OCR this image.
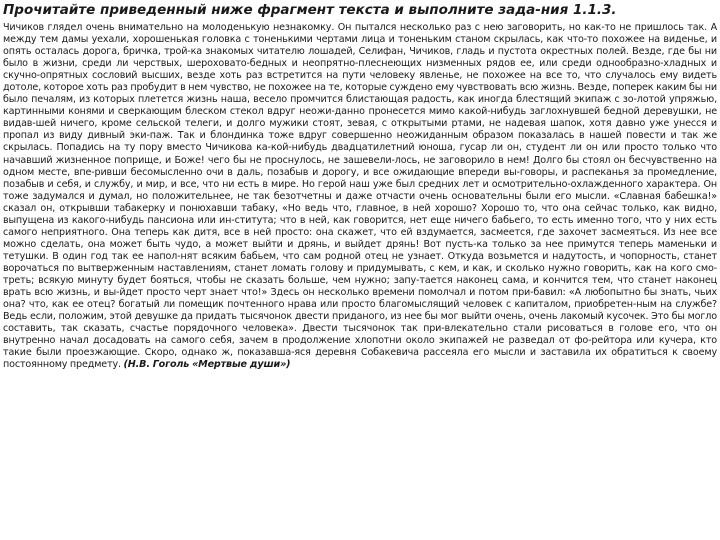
Прочитайте приведенный ниже фрагмент текста и выполните зада-ния 1.1.3.

Чичиков глядел очень внимательно на молоденькую незнакомку. Он пытался несколько раз с нею заговорить, но как-то не пришлось так. А между тем дамы уехали, хорошенькая головка с тоненькими чертами лица и тоненьким станом скрылась, как что-то похожее на виденье, и опять осталась дорога, бричка, трой-ка знакомых читателю лошадей, Селифан, Чичиков, гладь и пустота окрестных полей. Везде, где бы ни было в жизни, среди ли черствых, шероховато-бедных и неопрятно-плеснеющих низменных рядов ее, или среди однообразно-хладных и скучно-опрятных сословий высших, везде хоть раз встретится на пути человеку явленье, не похожее на все то, что случалось ему видеть дотоле, которое хоть раз пробудит в нем чувство, не похожее на те, которые суждено ему чувствовать всю жизнь. Везде, поперек каким бы ни было печалям, из которых плетется жизнь наша, весело промчится блистающая радость, как иногда блестящий экипаж с зо-лотой упряжью, картинными конями и сверкающим блеском стекол вдруг неожи-данно пронесется мимо какой-нибудь заглохнувшей бедной деревушки, не видав-шей ничего, кроме сельской телеги, и долго мужики стоят, зевая, с открытыми ртами, не надевая шапок, хотя давно уже унесся и пропал из виду дивный эки-паж. Так и блондинка тоже вдруг совершенно неожиданным образом показалась в нашей повести и так же скрылась. Попадись на ту пору вместо Чичикова ка-кой-нибудь двадцатилетний юноша, гусар ли он, студент ли он или просто только что начавший жизненное поприще, и Боже! чего бы не проснулось, не зашевели-лось, не заговорило в нем! Долго бы стоял он бесчувственно на одном месте, впе-ривши бесомысленно очи в даль, позабыв и дорогу, и все ожидающие впереди вы-говоры, и распеканья за промедление, позабыв и себя, и службу, и мир, и все, что ни есть в мире. Но герой наш уже был средних лет и осмотрительно-охлажденного характера. Он тоже задумался и думал, но положительнее, не так безотчетны и даже отчасти очень основательны были его мысли. «Славная бабешка!» сказал он, открывши табакерку и понюхавши табаку, «Но ведь что, главное, в ней хорошо? Хорошо то, что она сейчас только, как видно, выпущена из какого-нибудь пансиона или ин-ститута; что в ней, как говорится, нет еще ничего бабьего, то есть именно того, что у них есть самого неприятного. Она теперь как дитя, все в ней просто: она скажет, что ей вздумается, засмеется, где захочет засмеяться. Из нее все можно сделать, она может быть чудо, а может выйти и дрянь, и выйдет дрянь! Вот пусть-ка только за нее примутся теперь маменьки и тетушки. В один год так ее напол-нят всяким бабьем, что сам родной отец не узнает. Откуда возьмется и надутость, и чопорность, станет ворочаться по вытверженным наставлениям, станет ломать голову и придумывать, с кем, и как, и сколько нужно говорить, как на кого смо-треть; всякую минуту будет бояться, чтобы не сказать больше, чем нужно; запу-тается наконец сама, и кончится тем, что станет наконец врать всю жизнь, и вы-йдет просто черт знает что!» Здесь он несколько времени помолчал и потом при-бавил: «А любопытно бы знать, чьих она? что, как ее отец? богатый ли помещик почтенного нрава или просто благомыслящий человек с капиталом, приобретен-ным на службе? Ведь если, положим, этой девушке да придать тысячонок двести приданого, из нее бы мог выйти очень, очень лакомый кусочек. Это бы могло составить, так сказать, счастье порядочного человека». Двести тысячонок так при-влекательно стали рисоваться в голове его, что он внутренно начал досадовать на самого себя, зачем в продолжение хлопотни около экипажей не разведал от фо-рейтора или кучера, кто такие были проезжающие. Скоро, однако ж, показавша-яся деревня Собакевича рассеяла его мысли и заставила их обратиться к своему постоянному предмету. (Н.В. Гоголь «Мертвые души»)
